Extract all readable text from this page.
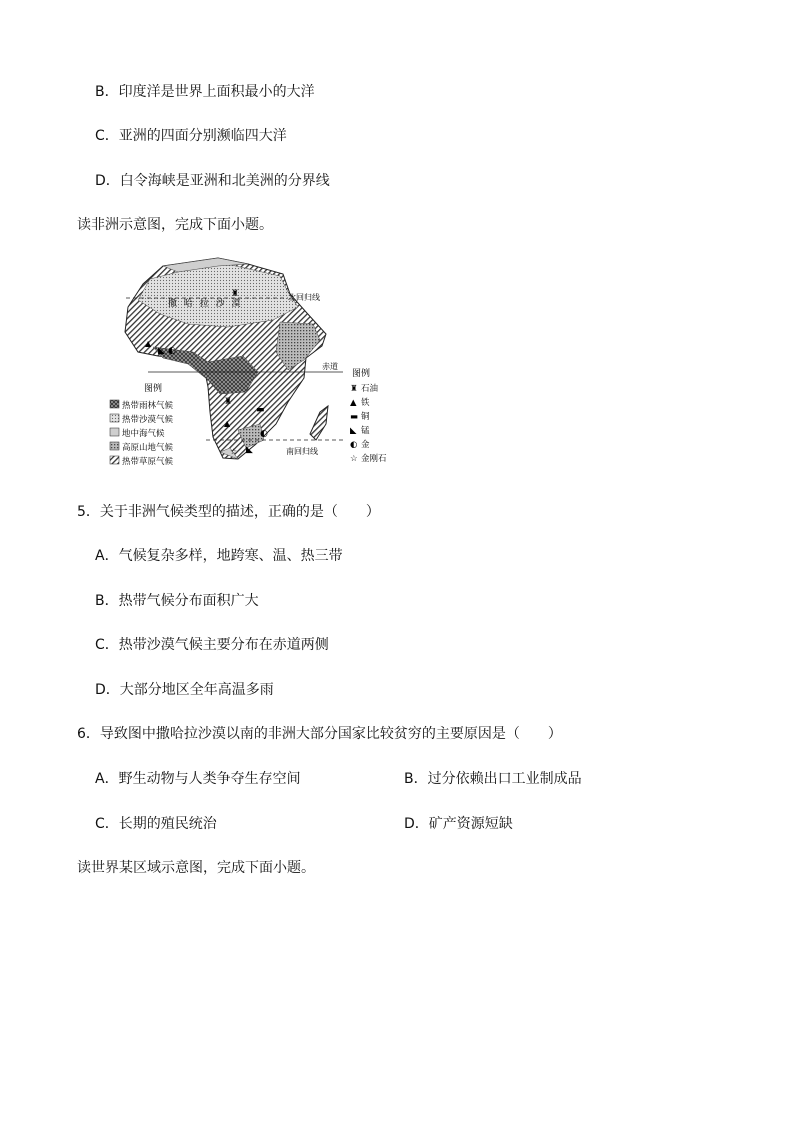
B．印度洋是世界上面积最小的大洋
C．亚洲的四面分别濒临四大洋
D．白令海峡是亚洲和北美洲的分界线
读非洲示意图，完成下面小题。
撒 哈 拉 沙 漠
北回归线
赤道
南回归线
♜
▲
◣ ◐
♜
▬
▲
◐
◣
☆
图例
热带雨林气候
热带沙漠气候
地中海气候
高原山地气候
热带草原气候
图例
♜ 石油
▲ 铁
▬ 铜
◣ 锰
◐ 金
☆ 金刚石
5．关于非洲气候类型的描述，正确的是（　　）
A．气候复杂多样，地跨寒、温、热三带
B．热带气候分布面积广大
C．热带沙漠气候主要分布在赤道两侧
D．大部分地区全年高温多雨
6．导致图中撒哈拉沙漠以南的非洲大部分国家比较贫穷的主要原因是（　　）
A．野生动物与人类争夺生存空间	B．过分依赖出口工业制成品
C．长期的殖民统治	D．矿产资源短缺
读世界某区域示意图，完成下面小题。
